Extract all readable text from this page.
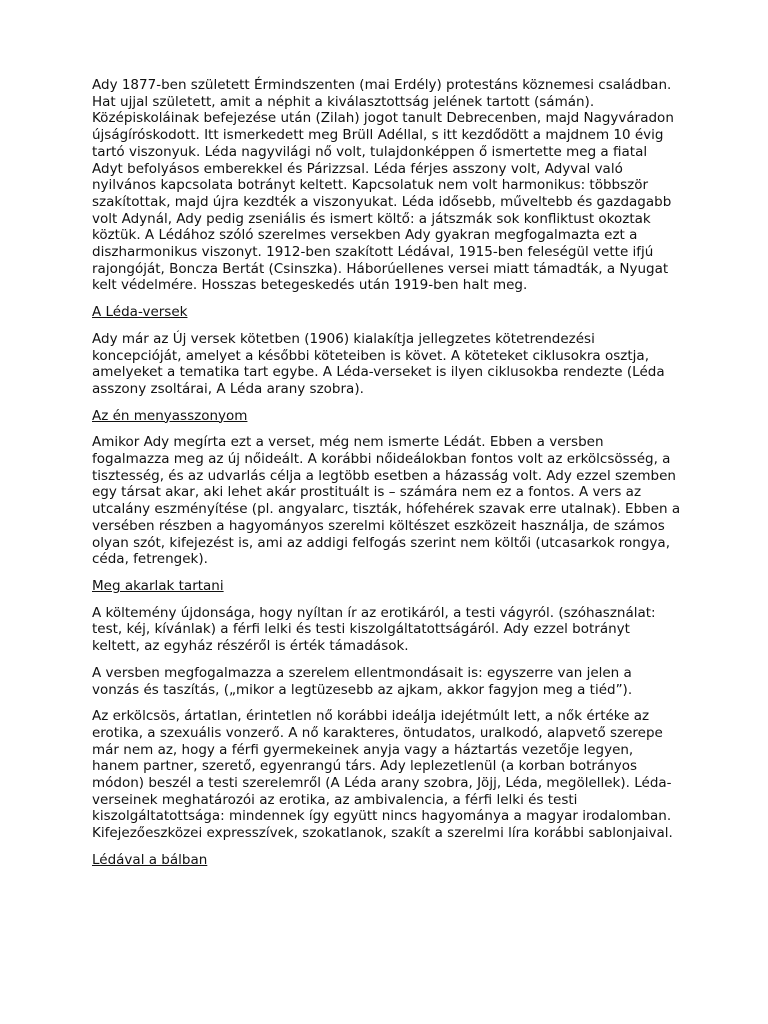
Ady 1877-ben született Érmindszenten (mai Erdély) protestáns köznemesi családban. Hat ujjal született, amit a néphit a kiválasztottság jelének tartott (sámán). Középiskoláinak befejezése után (Zilah) jogot tanult Debrecenben, majd Nagyváradon újságíróskodott. Itt ismerkedett meg Brüll Adéllal, s itt kezdődött a majdnem 10 évig tartó viszonyuk. Léda nagyvilági nő volt, tulajdonképpen ő ismertette meg a fiatal Adyt befolyásos emberekkel és Párizzsal. Léda férjes asszony volt, Adyval való nyilvános kapcsolata botrányt keltett. Kapcsolatuk nem volt harmonikus: többször szakítottak, majd újra kezdték a viszonyukat. Léda idősebb, műveltebb és gazdagabb volt Adynál, Ady pedig zseniális és ismert költő: a játszmák sok konfliktust okoztak köztük. A Lédához szóló szerelmes versekben Ady gyakran megfogalmazta ezt a diszharmonikus viszonyt. 1912-ben szakított Lédával, 1915-ben feleségül vette ifjú rajongóját, Boncza Bertát (Csinszka). Háborúellenes versei miatt támadták, a Nyugat kelt védelmére. Hosszas betegeskedés után 1919-ben halt meg.

A Léda-versek

Ady már az Új versek kötetben (1906) kialakítja jellegzetes kötetrendezési koncepcióját, amelyet a későbbi köteteiben is követ. A köteteket ciklusokra osztja, amelyeket a tematika tart egybe. A Léda-verseket is ilyen ciklusokba rendezte (Léda asszony zsoltárai, A Léda arany szobra).

Az én menyasszonyom

Amikor Ady megírta ezt a verset, még nem ismerte Lédát. Ebben a versben fogalmazza meg az új nőideált. A korábbi nőideálokban fontos volt az erkölcsösség, a tisztesség, és az udvarlás célja a legtöbb esetben a házasság volt. Ady ezzel szemben egy társat akar, aki lehet akár prostituált is – számára nem ez a fontos. A vers az utcalány eszményítése (pl. angyalarc, tiszták, hófehérek szavak erre utalnak). Ebben a versében részben a hagyományos szerelmi költészet eszközeit használja, de számos olyan szót, kifejezést is, ami az addigi felfogás szerint nem költői (utcasarkok rongya, céda, fetrengek).

Meg akarlak tartani

A költemény újdonsága, hogy nyíltan ír az erotikáról, a testi vágyról. (szóhasználat: test, kéj, kívánlak) a férfi lelki és testi kiszolgáltatottságáról. Ady ezzel botrányt keltett, az egyház részéről is érték támadások.

A versben megfogalmazza a szerelem ellentmondásait is: egyszerre van jelen a vonzás és taszítás, („mikor a legtüzesebb az ajkam, akkor fagyjon meg a tiéd”).

Az erkölcsös, ártatlan, érintetlen nő korábbi ideálja idejétmúlt lett, a nők értéke az erotika, a szexuális vonzerő. A nő karakteres, öntudatos, uralkodó, alapvető szerepe már nem az, hogy a férfi gyermekeinek anyja vagy a háztartás vezetője legyen, hanem partner, szerető, egyenrangú társ. Ady leplezetlenül (a korban botrányos módon) beszél a testi szerelemről (A Léda arany szobra, Jöjj, Léda, megölellek). Léda-verseinek meghatározói az erotika, az ambivalencia, a férfi lelki és testi kiszolgáltatottsága: mindennek így együtt nincs hagyománya a magyar irodalomban. Kifejezőeszközei expresszívek, szokatlanok, szakít a szerelmi líra korábbi sablonjaival.

Lédával a bálban
